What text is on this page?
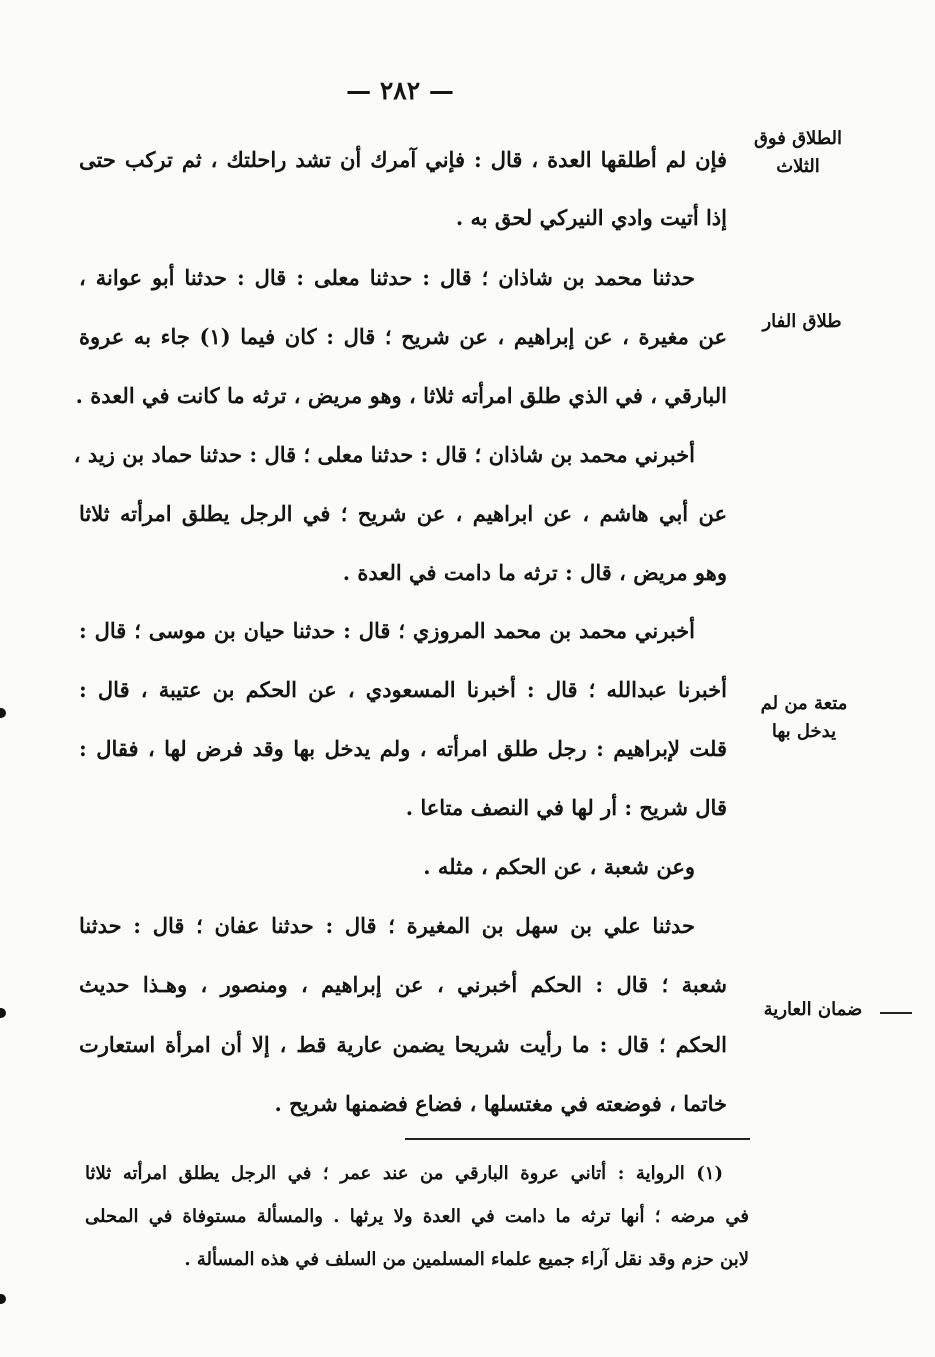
— ٢٨٢ —
الطلاق فوق الثلاث
طلاق الفار
متعة من لم يدخل بها
ضمان العارية
فإن لم أطلقها العدة ، قال : فإني آمرك أن تشد راحلتك ، ثم تركب حتى
إذا أتيت وادي النيركي لحق به .
حدثنا محمد بن شاذان ؛ قال : حدثنا معلى : قال : حدثنا أبو عوانة ،
عن مغيرة ، عن إبراهيم ، عن شريح ؛ قال : كان فيما (١) جاء به عروة
البارقي ، في الذي طلق امرأته ثلاثا ، وهو مريض ، ترثه ما كانت في العدة .
أخبرني محمد بن شاذان ؛ قال : حدثنا معلى ؛ قال : حدثنا حماد بن زيد ،
عن أبي هاشم ، عن ابراهيم ، عن شريح ؛ في الرجل يطلق امرأته ثلاثا
وهو مريض ، قال : ترثه ما دامت في العدة .
أخبرني محمد بن محمد المروزي ؛ قال : حدثنا حيان بن موسى ؛ قال :
أخبرنا عبدالله ؛ قال : أخبرنا المسعودي ، عن الحكم بن عتيبة ، قال :
قلت لإبراهيم : رجل طلق امرأته ، ولم يدخل بها وقد فرض لها ، فقال :
قال شريح : أر لها في النصف متاعا .
وعن شعبة ، عن الحكم ، مثله .
حدثنا علي بن سهل بن المغيرة ؛ قال : حدثنا عفان ؛ قال : حدثنا
شعبة ؛ قال : الحكم أخبرني ، عن إبراهيم ، ومنصور ، وهـذا حديث
الحكم ؛ قال : ما رأيت شريحا يضمن عارية قط ، إلا أن امرأة استعارت
خاتما ، فوضعته في مغتسلها ، فضاع فضمنها شريح .
(١) الرواية : أتاني عروة البارقي من عند عمر ؛ في الرجل يطلق امرأته ثلاثا
في مرضه ؛ أنها ترثه ما دامت في العدة ولا يرثها . والمسألة مستوفاة في المحلى
لابن حزم وقد نقل آراء جميع علماء المسلمين من السلف في هذه المسألة .
